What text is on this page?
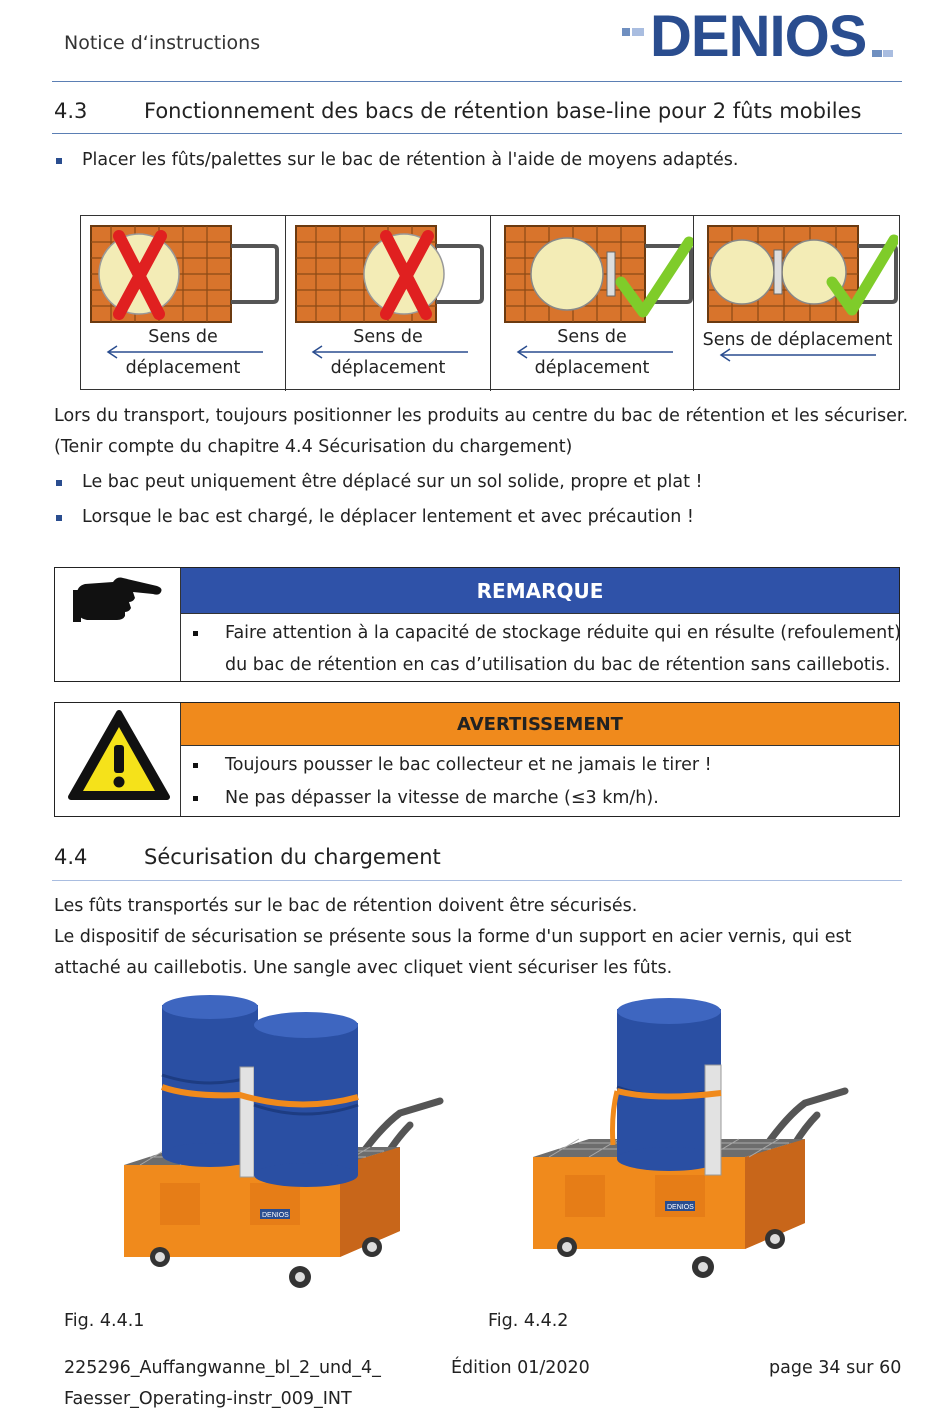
Notice d‘instructions	DENIOS
4.3	Fonctionnement des bacs de rétention base-line pour 2 fûts mobiles
Placer les fûts/palettes sur le bac de rétention à l'aide de moyens adaptés.
Sens de
déplacement
Sens de
déplacement
Sens de
déplacement
Sens de déplacement
Lors du transport, toujours positionner les produits au centre du bac de rétention et les sécuriser.
(Tenir compte du chapitre 4.4 Sécurisation du chargement)
Le bac peut uniquement être déplacé sur un sol solide, propre et plat !
Lorsque le bac est chargé, le déplacer lentement et avec précaution !
REMARQUE
Faire attention à la capacité de stockage réduite qui en résulte (refoulement)
du bac de rétention en cas d’utilisation du bac de rétention sans caillebotis.
AVERTISSEMENT
Toujours pousser le bac collecteur et ne jamais le tirer !
Ne pas dépasser la vitesse de marche (≤3 km/h).
4.4	Sécurisation du chargement
Les fûts transportés sur le bac de rétention doivent être sécurisés.
Le dispositif de sécurisation se présente sous la forme d'un support en acier vernis, qui est
attaché au caillebotis. Une sangle avec cliquet vient sécuriser les fûts.
DENIOS
DENIOS
Fig. 4.4.1	Fig. 4.4.2
225296_Auffangwanne_bl_2_und_4_
Faesser_Operating-instr_009_INT
Édition 01/2020	page 34 sur 60
